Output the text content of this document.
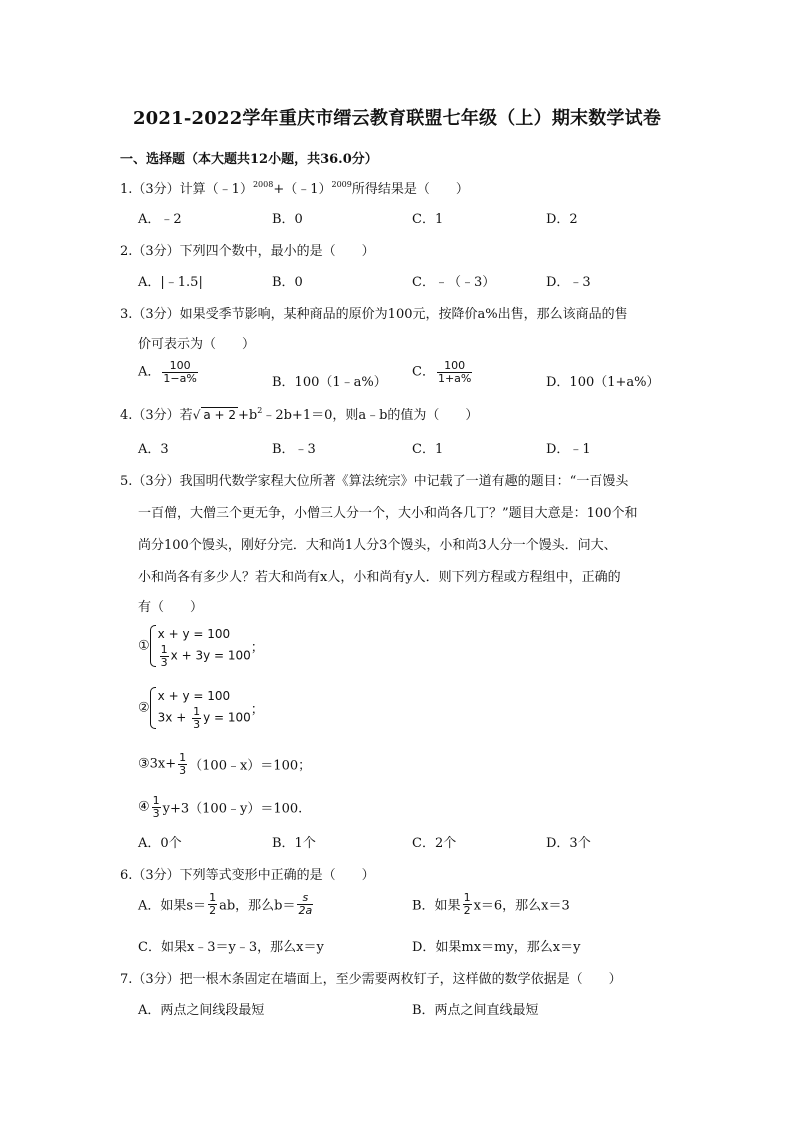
2021-2022学年重庆市缙云教育联盟七年级（上）期末数学试卷
一、选择题（本大题共12小题，共36.0分）
1.（3分）计算（﹣1）$^{2008}$+（﹣1）$^{2009}$所得结果是（　　）
A．﹣2	B．0	C．1	D．2
2.（3分）下列四个数中，最小的是（　　）
A．|﹣1.5|	B．0	C．﹣（﹣3）	D．﹣3
3.（3分）如果受季节影响，某种商品的原价为100元，按降价a%出售，那么该商品的售
价可表示为（　　）
A． $\frac{100}{1-a\%}$	B．100（1﹣a%）
C． $\frac{100}{1+a\%}$	D．100（1+a%）
4.（3分）若√ $a + 2 +b^2﹣2b+1=0$，则a﹣b的值为（　　）
A．3	B．﹣3	C．1	D．﹣1
5.（3分）我国明代数学家程大位所著《算法统宗》中记载了一道有趣的题目：“一百馒头
一百僧，大僧三个更无争，小僧三人分一个，大小和尚各几丁？”题目大意是：100个和
尚分100个馒头，刚好分完．大和尚1人分3个馒头，小和尚3人分一个馒头．问大、
小和尚各有多少人？若大和尚有x人，小和尚有y人．则下列方程或方程组中，正确的
有（　　）
①
x + y = 100
$\frac{1}{3}$ x + 3y = 100 ；
②
x + y = 100
$3x + \frac{1}{3}$ y = 100 ；
③3x+ $\frac{1}{3}$ （100﹣x）＝100；
④ $\frac{1}{3}$ y+3（100﹣y）＝100.
A．0个	B．1个	C．2个	D．3个
6.（3分）下列等式变形中正确的是（　　）
A．如果$s= \frac{1}{2}$ ab，那么$b= \frac{s}{2a}$	B．如果 $\frac{1}{2} x=6$，那么x＝3
C．如果x﹣3＝y﹣3，那么x＝y	D．如果mx＝my，那么x＝y
7.（3分）把一根木条固定在墙面上，至少需要两枚钉子，这样做的数学依据是（　　）
A．两点之间线段最短	B．两点之间直线最短
